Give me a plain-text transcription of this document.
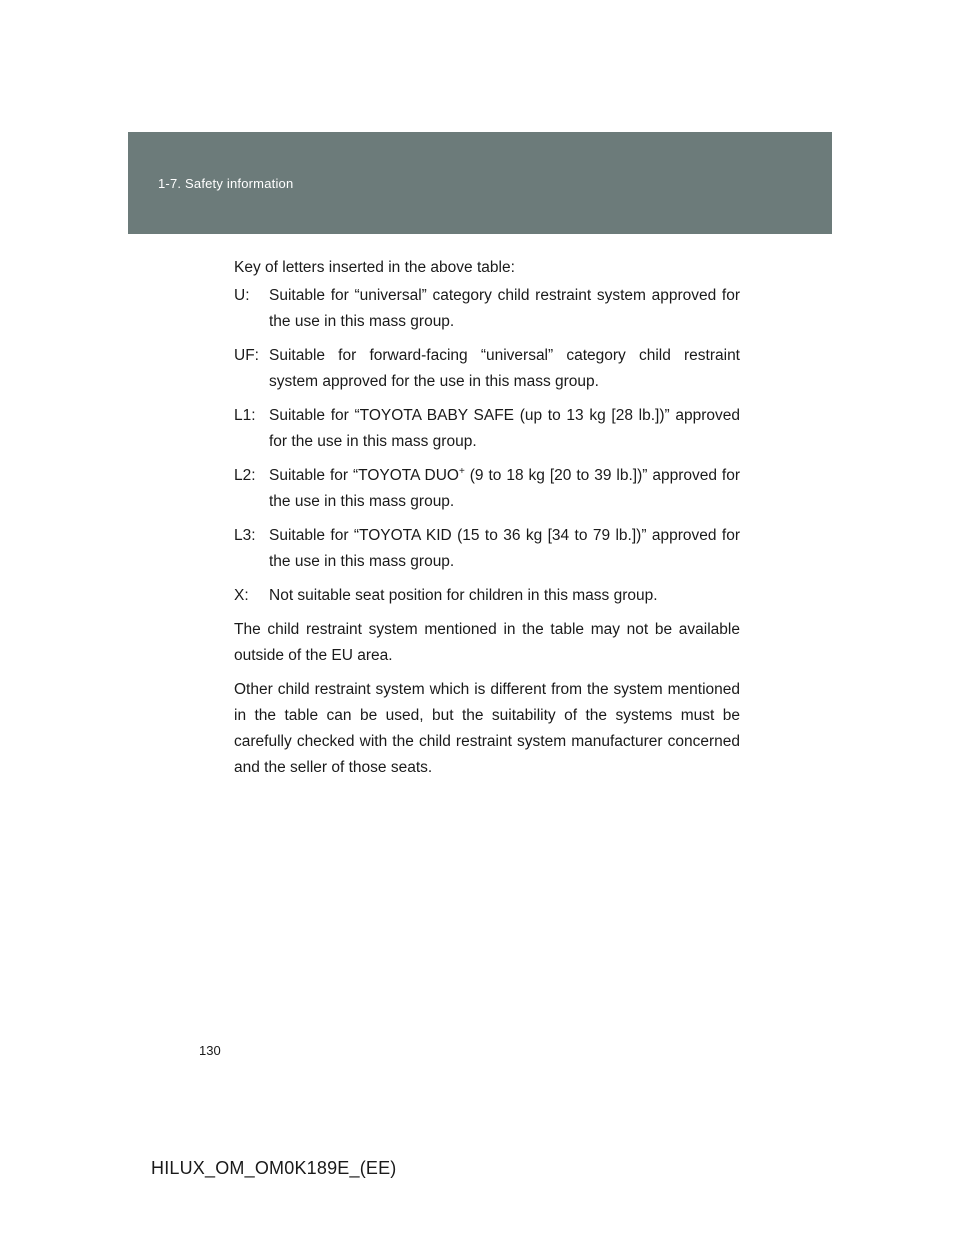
1-7. Safety information

Key of letters inserted in the above table:

U:	Suitable for “universal” category child restraint system approved for the use in this mass group.
UF: Suitable for forward-facing “universal” category child restraint system approved for the use in this mass group.
L1: Suitable for “TOYOTA BABY SAFE (up to 13 kg [28 lb.])” approved for the use in this mass group.
L2: Suitable for “TOYOTA DUO+ (9 to 18 kg [20 to 39 lb.])” approved for the use in this mass group.
L3: Suitable for “TOYOTA KID (15 to 36 kg [34 to 79 lb.])” approved for the use in this mass group.
X:	Not suitable seat position for children in this mass group.

The child restraint system mentioned in the table may not be available outside of the EU area.

Other child restraint system which is different from the system mentioned in the table can be used, but the suitability of the systems must be carefully checked with the child restraint system manufacturer concerned and the seller of those seats.

130
HILUX_OM_OM0K189E_(EE)
